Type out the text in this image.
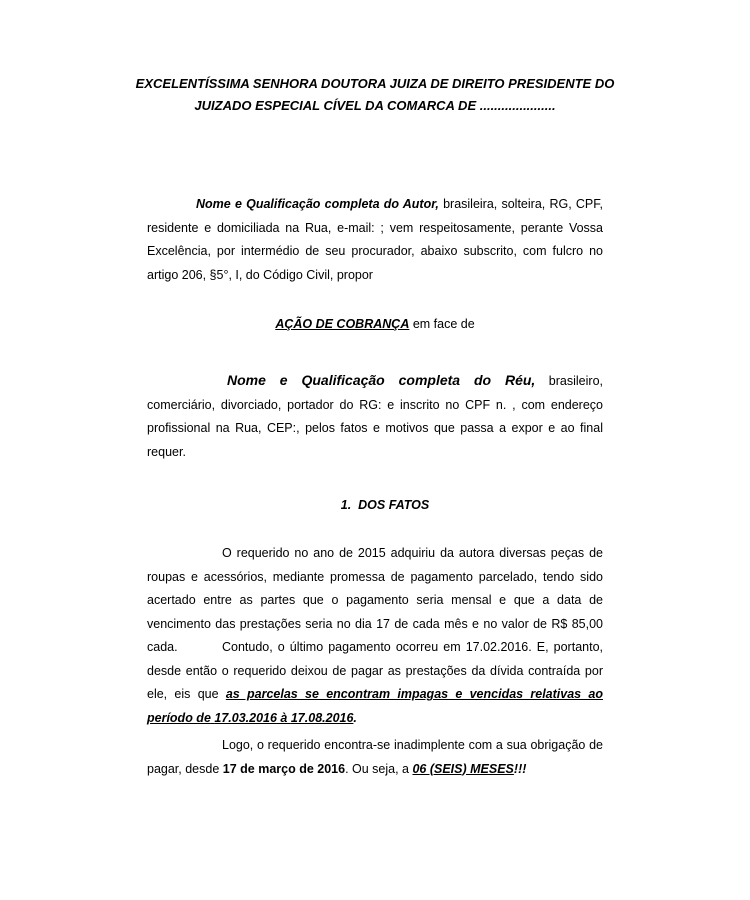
EXCELENTÍSSIMA SENHORA DOUTORA JUIZA DE DIREITO PRESIDENTE DO
JUIZADO ESPECIAL CÍVEL DA COMARCA DE .....................
Nome e Qualificação completa do Autor, brasileira, solteira, RG, CPF, residente e domiciliada na Rua, e-mail: ; vem respeitosamente, perante Vossa Excelência, por intermédio de seu procurador, abaixo subscrito, com fulcro no artigo 206, §5°, I, do Código Civil, propor
AÇÃO DE COBRANÇA em face de
Nome e Qualificação completa do Réu, brasileiro, comerciário, divorciado, portador do RG: e inscrito no CPF n. , com endereço profissional na Rua, CEP:, pelos fatos e motivos que passa a expor e ao final requer.
1. DOS FATOS
O requerido no ano de 2015 adquiriu da autora diversas peças de roupas e acessórios, mediante promessa de pagamento parcelado, tendo sido acertado entre as partes que o pagamento seria mensal e que a data de vencimento das prestações seria no dia 17 de cada mês e no valor de R$ 85,00 cada.	Contudo, o último pagamento ocorreu em 17.02.2016. E, portanto, desde então o requerido deixou de pagar as prestações da dívida contraída por ele, eis que as parcelas se encontram impagas e vencidas relativas ao período de 17.03.2016 à 17.08.2016.
Logo, o requerido encontra-se inadimplente com a sua obrigação de pagar, desde 17 de março de 2016. Ou seja, a 06 (SEIS) MESES!!!
